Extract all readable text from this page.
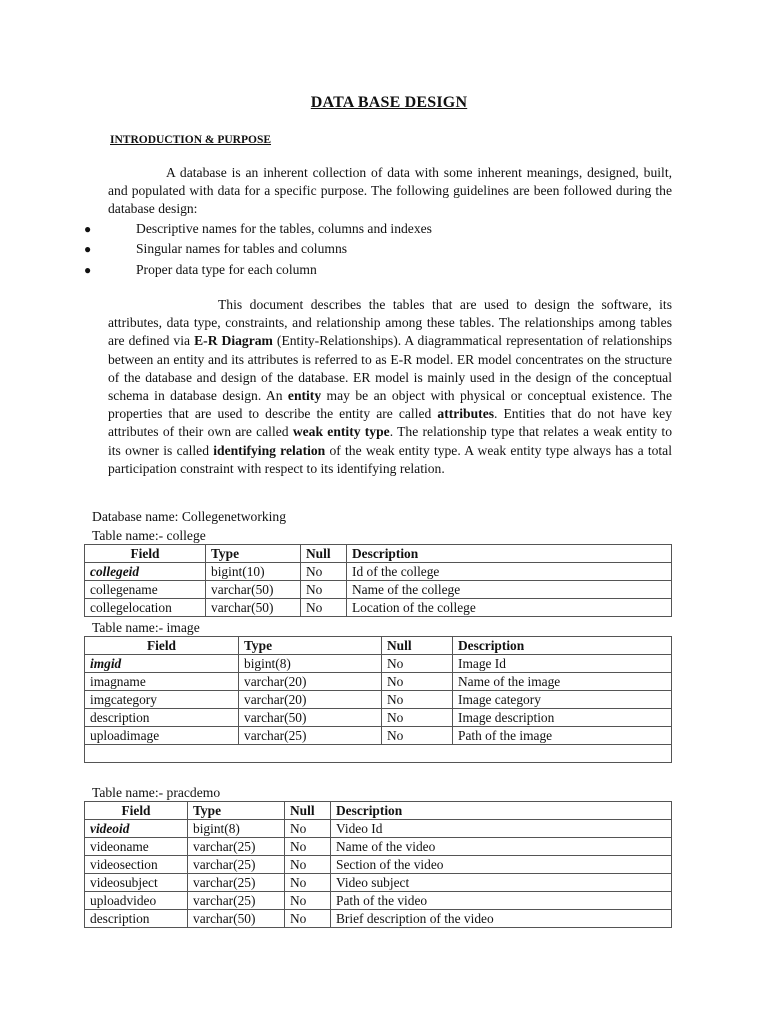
DATA BASE DESIGN
INTRODUCTION & PURPOSE

A database is an inherent collection of data with some inherent meanings, designed, built, and populated with data for a specific purpose. The following guidelines are been followed during the database design:

●	Descriptive names for the tables, columns and indexes
●	Singular names for tables and columns
●	Proper data type for each column

This document describes the tables that are used to design the software, its attributes, data type, constraints, and relationship among these tables. The relationships among tables are defined via E-R Diagram (Entity-Relationships). A diagrammatical representation of relationships between an entity and its attributes is referred to as E-R model. ER model concentrates on the structure of the database and design of the database. ER model is mainly used in the design of the conceptual schema in database design. An entity may be an object with physical or conceptual existence. The properties that are used to describe the entity are called attributes. Entities that do not have key attributes of their own are called weak entity type. The relationship type that relates a weak entity to its owner is called identifying relation of the weak entity type. A weak entity type always has a total participation constraint with respect to its identifying relation.

Database name: Collegenetworking
Table name:- college
Field	Type	Null	Description
collegeid	bigint(10)	No	Id of the college
collegename	varchar(50)	No	Name of the college
collegelocation	varchar(50)	No	Location of the college
Table name:- image
Field	Type	Null	Description
imgid	bigint(8)	No	Image Id
imagname	varchar(20)	No	Name of the image
imgcategory	varchar(20)	No	Image category
description	varchar(50)	No	Image description
uploadimage	varchar(25)	No	Path of the image

Table name:- pracdemo
Field	Type	Null	Description
videoid	bigint(8)	No	Video Id
videoname	varchar(25)	No	Name of the video
videosection	varchar(25)	No	Section of the video
videosubject	varchar(25)	No	Video subject
uploadvideo	varchar(25)	No	Path of the video
description	varchar(50)	No	Brief description of the video
